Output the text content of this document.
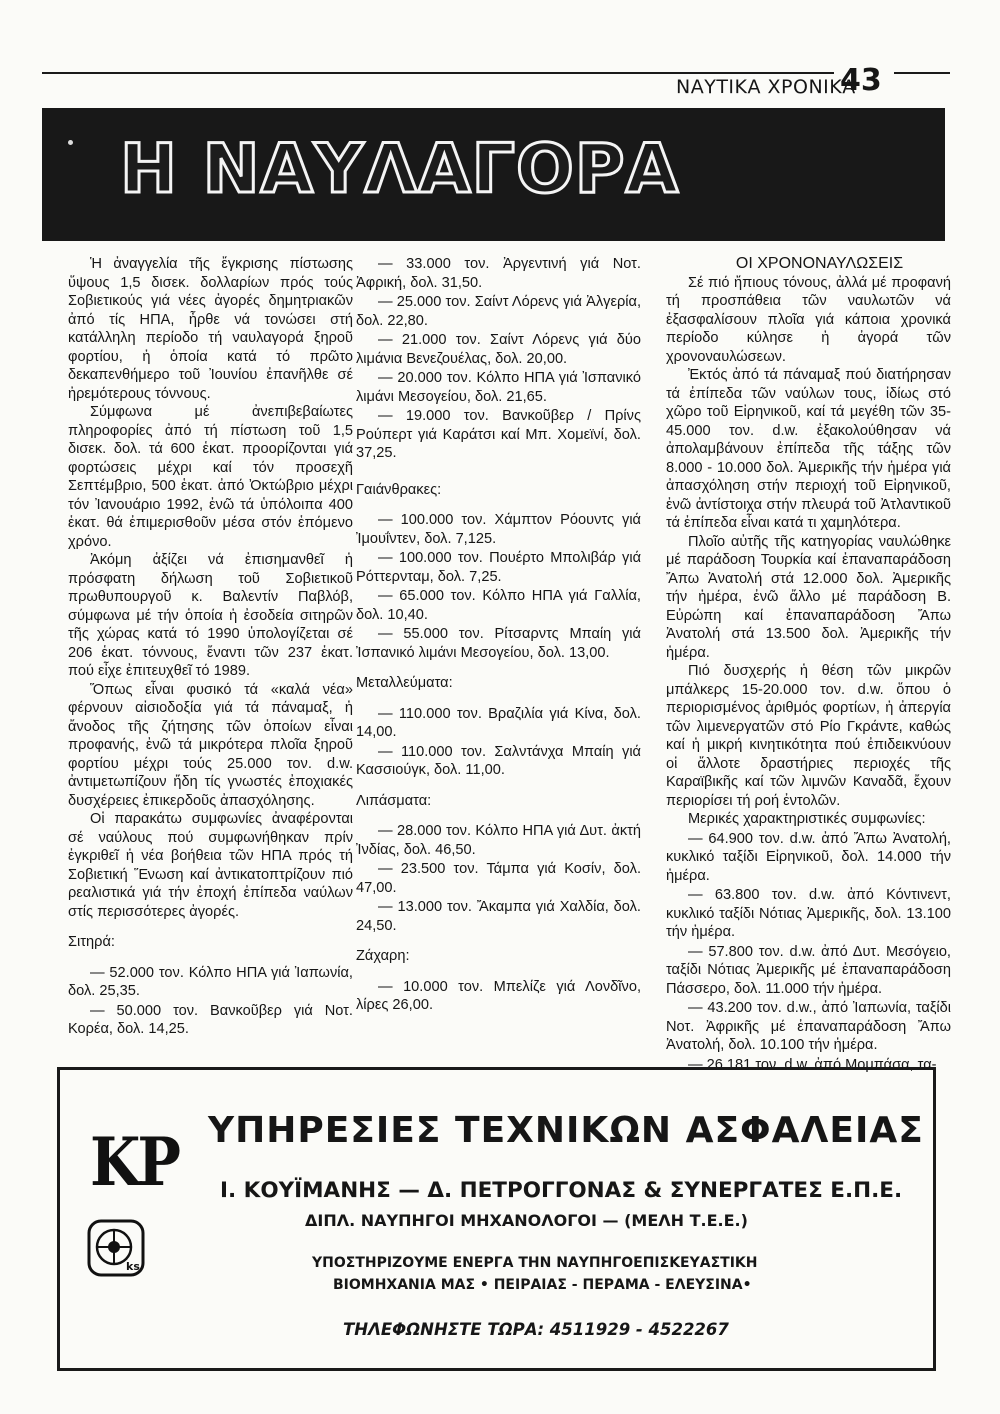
ΝΑΥΤΙΚΑ ΧΡΟΝΙΚΑ
43
Η ΝΑΥΛΑΓΟΡΑ

Ἡ ἀναγγελία τῆς ἔγκρισης πίστωσης ὕψους 1,5 δισεκ. δολλαρίων πρός τούς Σοβιετικούς γιά νέες ἀγορές δημητριακῶν ἀπό τίς ΗΠΑ, ἦρθε νά τονώσει στή κατάλληλη περίοδο τή ναυλαγορά ξηροῦ φορτίου, ἡ ὁποία κατά τό πρῶτο δεκαπενθήμερο τοῦ Ἰουνίου ἐπανῆλθε σέ ἠρεμότερους τόννους.

Σύμφωνα μέ ἀνεπιβεβαίωτες πληροφορίες ἀπό τή πίστωση τοῦ 1,5 δισεκ. δολ. τά 600 ἑκατ. προορίζονται γιά φορτώσεις μέχρι καί τόν προσεχῆ Σεπτέμβριο, 500 ἑκατ. ἀπό Ὀκτώβριο μέχρι τόν Ἰανουάριο 1992, ἐνῶ τά ὑπόλοιπα 400 ἑκατ. θά ἐπιμερισθοῦν μέσα στόν ἑπόμενο χρόνο.

Ἀκόμη ἀξίζει νά ἐπισημανθεῖ ἡ πρόσφατη δήλωση τοῦ Σοβιετικοῦ πρωθυπουργοῦ κ. Βαλεντίν Παβλόβ, σύμφωνα μέ τήν ὁποία ἡ ἐσοδεία σιτηρῶν τῆς χώρας κατά τό 1990 ὑπολογίζεται σέ 206 ἑκατ. τόννους, ἔναντι τῶν 237 ἑκατ. πού εἶχε ἐπιτευχθεῖ τό 1989.

Ὅπως εἶναι φυσικό τά «καλά νέα» φέρνουν αἰσιοδοξία γιά τά πάναμαξ, ἡ ἄνοδος τῆς ζήτησης τῶν ὁποίων εἶναι προφανής, ἐνῶ τά μικρότερα πλοῖα ξηροῦ φορτίου μέχρι τούς 25.000 τον. d.w. ἀντιμετωπίζουν ἤδη τίς γνωστές ἐποχιακές δυσχέρειες ἐπικερδοῦς ἀπασχόλησης.

Οἱ παρακάτω συμφωνίες ἀναφέρονται σέ ναύλους πού συμφωνήθηκαν πρίν ἐγκριθεῖ ἡ νέα βοήθεια τῶν ΗΠΑ πρός τή Σοβιετική Ἕνωση καί ἀντικατοπτρίζουν πιό ρεαλιστικά γιά τήν ἐποχή ἐπίπεδα ναύλων στίς περισσότερες ἀγορές.

Σιτηρά:

— 52.000 τον. Κόλπο ΗΠΑ γιά Ἰαπωνία, δολ. 25,35.

— 50.000 τον. Βανκοῦβερ γιά Νοτ. Κορέα, δολ. 14,25.

— 33.000 τον. Ἀργεντινή γιά Νοτ. Ἀφρική, δολ. 31,50.

— 25.000 τον. Σαίντ Λόρενς γιά Ἀλγερία, δολ. 22,80.

— 21.000 τον. Σαίντ Λόρενς γιά δύο λιμάνια Βενεζουέλας, δολ. 20,00.

— 20.000 τον. Κόλπο ΗΠΑ γιά Ἰσπανικό λιμάνι Μεσογείου, δολ. 21,65.

— 19.000 τον. Βανκοῦβερ / Πρίνς Ρούπερτ γιά Καράτσι καί Μπ. Χομεϊνί, δολ. 37,25.

Γαιάνθρακες:

— 100.000 τον. Χάμπτον Ρόουντς γιά Ἰμουΐντεν, δολ. 7,125.

— 100.000 τον. Πουέρτο Μπολιβάρ γιά Ρόττερνταμ, δολ. 7,25.

— 65.000 τον. Κόλπο ΗΠΑ γιά Γαλλία, δολ. 10,40.

— 55.000 τον. Ρίτσαρντς Μπαίη γιά Ἰσπανικό λιμάνι Μεσογείου, δολ. 13,00.

Μεταλλεύματα:

— 110.000 τον. Βραζιλία γιά Κίνα, δολ. 14,00.

— 110.000 τον. Σαλντάνχα Μπαίη γιά Κασσιούγκ, δολ. 11,00.

Λιπάσματα:

— 28.000 τον. Κόλπο ΗΠΑ γιά Δυτ. ἀκτή Ἰνδίας, δολ. 46,50.

— 23.500 τον. Τάμπα γιά Κοσίν, δολ. 47,00.

— 13.000 τον. Ἄκαμπα γιά Χαλδία, δολ. 24,50.

Ζάχαρη:

— 10.000 τον. Μπελίζε γιά Λονδῖνο, λίρες 26,00.

ΟΙ ΧΡΟΝΟΝΑΥΛΩΣΕΙΣ

Σέ πιό ἤπιους τόνους, ἀλλά μέ προφανή τή προσπάθεια τῶν ναυλωτῶν νά ἐξασφαλίσουν πλοῖα γιά κάποια χρονικά περίοδο κύλησε ἡ ἀγορά τῶν χρονοναυλώσεων.

Ἐκτός ἀπό τά πάναμαξ πού διατήρησαν τά ἐπίπεδα τῶν ναύλων τους, ἰδίως στό χῶρο τοῦ Εἰρηνικοῦ, καί τά μεγέθη τῶν 35-45.000 τον. d.w. ἐξακολούθησαν νά ἀπολαμβάνουν ἐπίπεδα τῆς τάξης τῶν 8.000 - 10.000 δολ. Ἀμερικῆς τήν ἡμέρα γιά ἀπασχόληση στήν περιοχή τοῦ Εἰρηνικοῦ, ἐνῶ ἀντίστοιχα στήν πλευρά τοῦ Ἀτλαντικοῦ τά ἐπίπεδα εἶναι κατά τι χαμηλότερα.

Πλοῖο αὐτῆς τῆς κατηγορίας ναυλώθηκε μέ παράδοση Τουρκία καί ἐπαναπαράδοση Ἄπω Ἀνατολή στά 12.000 δολ. Ἀμερικῆς τήν ἡμέρα, ἐνῶ ἄλλο μέ παράδοση Β. Εὐρώπη καί ἐπαναπαράδοση Ἄπω Ἀνατολή στά 13.500 δολ. Ἀμερικῆς τήν ἡμέρα.

Πιό δυσχερής ἡ θέση τῶν μικρῶν μπάλκερς 15-20.000 τον. d.w. ὅπου ὁ περιορισμένος ἀριθμός φορτίων, ἡ ἀπεργία τῶν λιμενεργατῶν στό Ρίο Γκράντε, καθώς καί ἡ μικρή κινητικότητα πού ἐπιδεικνύουν οἱ ἄλλοτε δραστήριες περιοχές τῆς Καραϊβικῆς καί τῶν λιμνῶν Καναδᾶ, ἔχουν περιορίσει τή ροή ἐντολῶν.

Μερικές χαρακτηριστικές συμφωνίες:

— 64.900 τον. d.w. ἀπό Ἄπω Ἀνατολή, κυκλικό ταξίδι Εἰρηνικοῦ, δολ. 14.000 τήν ἡμέρα.

— 63.800 τον. d.w. ἀπό Κόντινεντ, κυκλικό ταξίδι Νότιας Ἀμερικῆς, δολ. 13.100 τήν ἡμέρα.

— 57.800 τον. d.w. ἀπό Δυτ. Μεσόγειο, ταξίδι Νότιας Ἀμερικῆς μέ ἐπαναπαράδοση Πάσσερο, δολ. 11.000 τήν ἡμέρα.

— 43.200 τον. d.w., ἀπό Ἰαπωνία, ταξίδι Νοτ. Ἀφρικῆς μέ ἐπαναπαράδοση Ἄπω Ἀνατολή, δολ. 10.100 τήν ἡμέρα.

— 26.181 τον. d.w. ἀπό Μομπάσα, τα-

KP
ks
ΥΠΗΡΕΣΙΕΣ ΤΕΧΝΙΚΩΝ ΑΣΦΑΛΕΙΑΣ
Ι. ΚΟΥΪΜΑΝΗΣ — Δ. ΠΕΤΡΟΓΓΟΝΑΣ & ΣΥΝΕΡΓΑΤΕΣ Ε.Π.Ε.
ΔΙΠΛ. ΝΑΥΠΗΓΟΙ ΜΗΧΑΝΟΛΟΓΟΙ — (ΜΕΛΗ Τ.Ε.Ε.)
ΥΠΟΣΤΗΡΙΖΟΥΜΕ ΕΝΕΡΓΑ ΤΗΝ ΝΑΥΠΗΓΟΕΠΙΣΚΕΥΑΣΤΙΚΗ
ΒΙΟΜΗΧΑΝΙΑ ΜΑΣ • ΠΕΙΡΑΙΑΣ - ΠΕΡΑΜΑ - ΕΛΕΥΣΙΝΑ•
ΤΗΛΕΦΩΝΗΣΤΕ ΤΩΡΑ: 4511929 - 4522267
